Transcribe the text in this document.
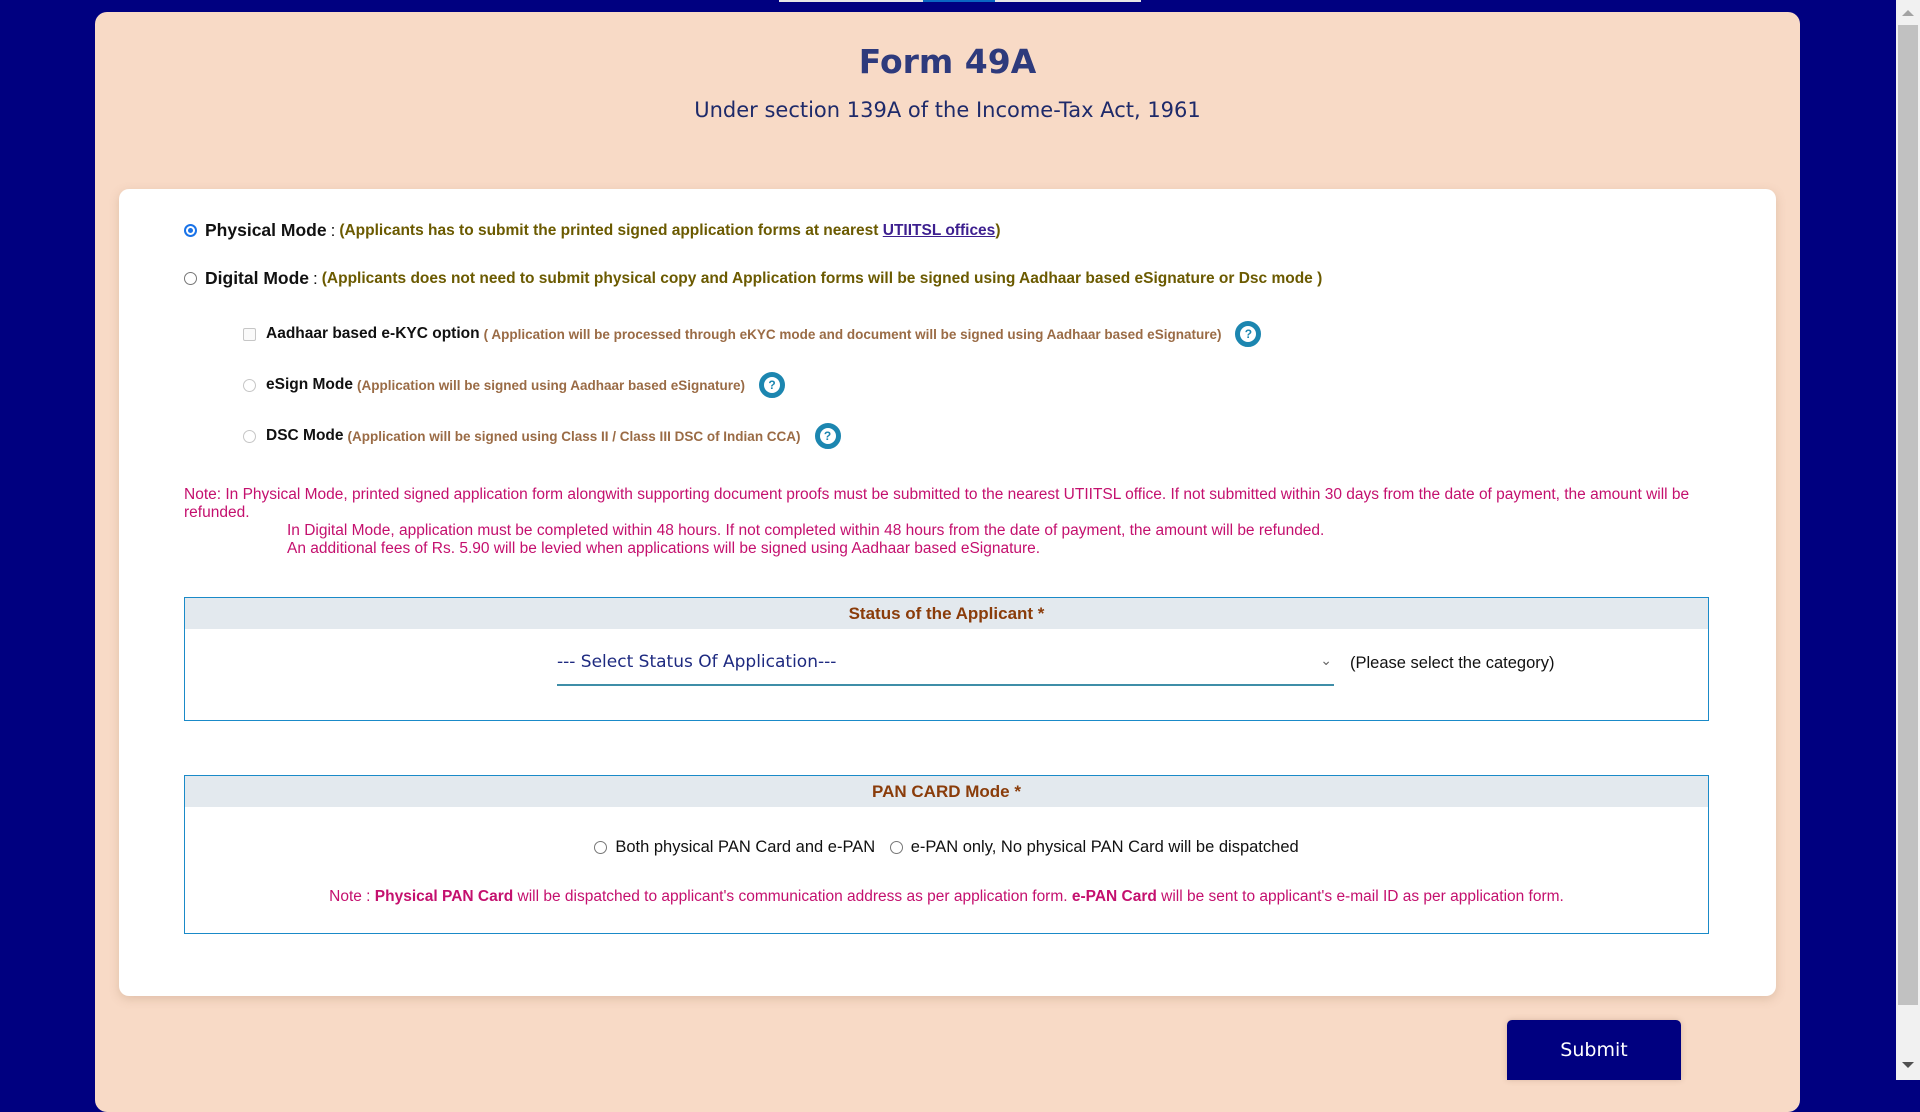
Form 49A
Under section 139A of the Income-Tax Act, 1961
Physical Mode : (Applicants has to submit the printed signed application forms at nearest UTIITSL offices)
Digital Mode : (Applicants does not need to submit physical copy and Application forms will be signed using Aadhaar based eSignature or Dsc mode )
Aadhaar based e-KYC option ( Application will be processed through eKYC mode and document will be signed using Aadhaar based eSignature)	?
eSign Mode (Application will be signed using Aadhaar based eSignature)	?
DSC Mode (Application will be signed using Class II / Class III DSC of Indian CCA)	?
Note: In Physical Mode, printed signed application form alongwith supporting document proofs must be submitted to the nearest UTIITSL office. If not submitted within 30 days from the date of payment, the amount will be refunded.
In Digital Mode, application must be completed within 48 hours. If not completed within 48 hours from the date of payment, the amount will be refunded.
An additional fees of Rs. 5.90 will be levied when applications will be signed using Aadhaar based eSignature.
Status of the Applicant *
--- Select Status Of Application---	⌄ (Please select the category)
PAN CARD Mode *
Both physical PAN Card and e-PAN
e-PAN only, No physical PAN Card will be dispatched
Note : Physical PAN Card will be dispatched to applicant's communication address as per application form. e-PAN Card will be sent to applicant's e-mail ID as per application form.
Submit
